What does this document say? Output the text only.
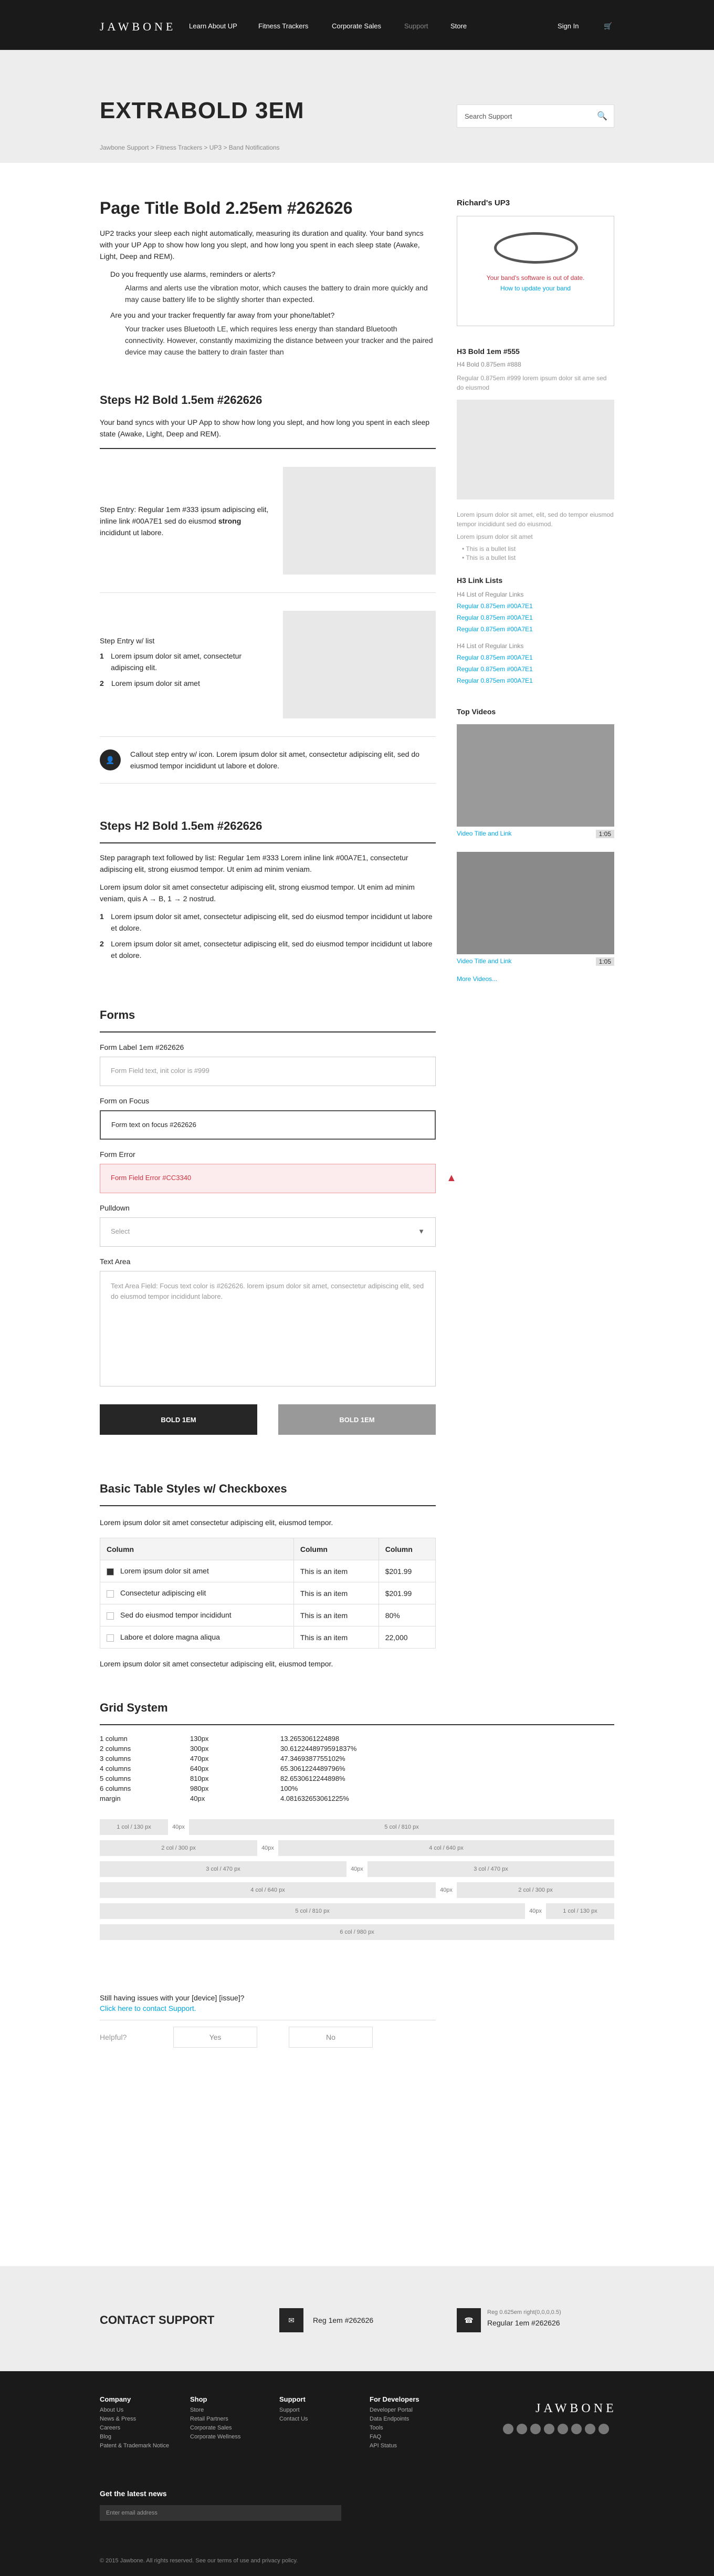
JAWBONE Learn About UP	Fitness Trackers	Corporate Sales	Support	Store	Sign In	🛒
EXTRABOLD 3EM
Jawbone Support > Fitness Trackers > UP3 > Band Notifications
Search Support	🔍
Page Title Bold 2.25em #262626

UP2 tracks your sleep each night automatically, measuring its duration and quality. Your band syncs with your UP App to show how long you slept, and how long you spent in each sleep state (Awake, Light, Deep and REM).

Do you frequently use alarms, reminders or alerts?
Alarms and alerts use the vibration motor, which causes the battery to drain more quickly and may cause battery life to be slightly shorter than expected.
Are you and your tracker frequently far away from your phone/tablet?
Your tracker uses Bluetooth LE, which requires less energy than standard Bluetooth connectivity. However, constantly maximizing the distance between your tracker and the paired device may cause the battery to drain faster than
Steps H2 Bold 1.5em #262626

Your band syncs with your UP App to show how long you slept, and how long you spent in each sleep state (Awake, Light, Deep and REM).

Step Entry: Regular 1em #333 ipsum adipiscing elit, inline link #00A7E1 sed do eiusmod strong incididunt ut labore.
Step Entry w/ list
1 Lorem ipsum dolor sit amet, consectetur adipiscing elit.
2 Lorem ipsum dolor sit amet
👤
Callout step entry w/ icon. Lorem ipsum dolor sit amet, consectetur adipiscing elit, sed do eiusmod tempor incididunt ut labore et dolore.
Steps H2 Bold 1.5em #262626

Step paragraph text followed by list: Regular 1em #333 Lorem inline link #00A7E1, consectetur adipiscing elit, strong eiusmod tempor. Ut enim ad minim veniam.

Lorem ipsum dolor sit amet consectetur adipiscing elit, strong eiusmod tempor. Ut enim ad minim veniam, quis A → B, 1 → 2 nostrud.

1 Lorem ipsum dolor sit amet, consectetur adipiscing elit, sed do eiusmod tempor incididunt ut labore et dolore.
2 Lorem ipsum dolor sit amet, consectetur adipiscing elit, sed do eiusmod tempor incididunt ut labore et dolore.
Forms
Form Label 1em #262626
Form Field text, init color is #999
Form on Focus
Form text on focus #262626
Form Error
Form Field Error #CC3340	▲
Pulldown
Select	▼
Text Area
Text Area Field: Focus text color is #262626. lorem ipsum dolor sit amet, consectetur adipiscing elit, sed do eiusmod tempor incididunt labore.
BOLD 1EM	BOLD 1EM
Basic Table Styles w/ Checkboxes

Lorem ipsum dolor sit amet consectetur adipiscing elit, eiusmod tempor.

Column	Column	Column
Lorem ipsum dolor sit amet	This is an item	$201.99
Consectetur adipiscing elit	This is an item	$201.99
Sed do eiusmod tempor incididunt	This is an item	80%
Labore et dolore magna aliqua	This is an item	22,000

Lorem ipsum dolor sit amet consectetur adipiscing elit, eiusmod tempor.

Grid System
1 column	130px	13.2653061224898
2 columns	300px	30.6122448979591837%
3 columns	470px	47.3469387755102%
4 columns	640px	65.3061224489796%
5 columns	810px	82.6530612244898%
6 columns	980px	100%
margin	40px	4.081632653061225%
1 col / 130 px	40px	5 col / 810 px
2 col / 300 px	40px	4 col / 640 px
3 col / 470 px	40px	3 col / 470 px
4 col / 640 px	40px	2 col / 300 px
5 col / 810 px	40px	1 col / 130 px
6 col / 980 px
Still having issues with your [device] [issue]?
Click here to contact Support.
Helpful?	Yes	No
Richard's UP3
Your band's software is out of date.
How to update your band
H3 Bold 1em #555
H4 Bold 0.875em #888
Regular 0.875em #999 lorem ipsum dolor sit ame sed do eiusmod
Lorem ipsum dolor sit amet, elit, sed do tempor eiusmod tempor incididunt sed do eiusmod.
Lorem ipsum dolor sit amet
• This is a bullet list
• This is a bullet list
H3 Link Lists
H4 List of Regular Links
Regular 0.875em #00A7E1
Regular 0.875em #00A7E1
Regular 0.875em #00A7E1
H4 List of Regular Links
Regular 0.875em #00A7E1
Regular 0.875em #00A7E1
Regular 0.875em #00A7E1
Top Videos
Video Title and Link	1:05
Video Title and Link	1:05
More Videos...
CONTACT SUPPORT	✉	Reg 1em #262626	☎
Reg 0.625em right(0,0,0,0.5)
Regular 1em #262626
Company
About Us
News & Press
Careers
Blog
Patent & Trademark Notice
Shop
Store
Retail Partners
Corporate Sales
Corporate Wellness
Support
Support
Contact Us
For Developers
Developer Portal
Data Endpoints
Tools
FAQ
API Status
JAWBONE
Get the latest news
Enter email address
© 2015 Jawbone. All rights reserved. See our terms of use and privacy policy.
